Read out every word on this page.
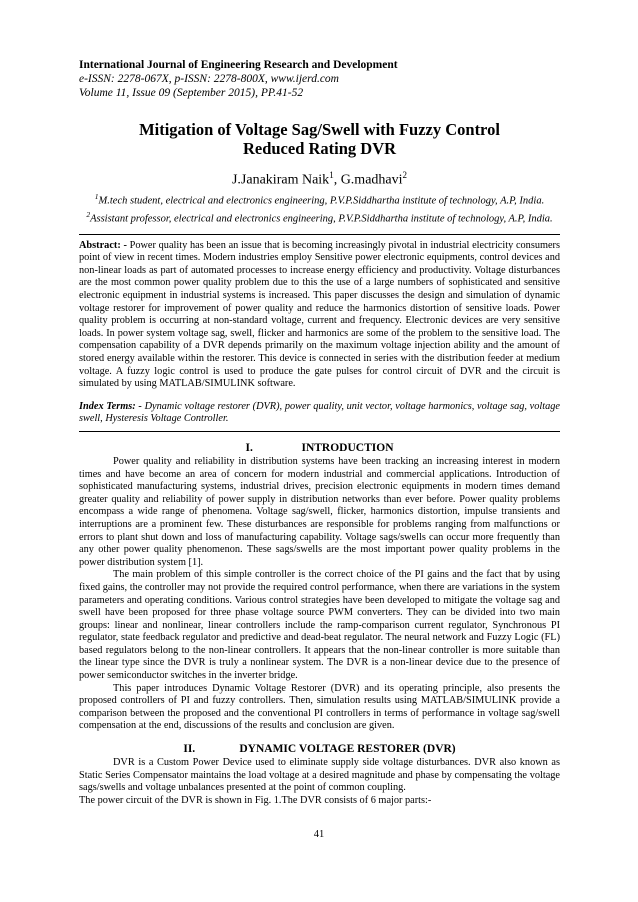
International Journal of Engineering Research and Development
e-ISSN: 2278-067X, p-ISSN: 2278-800X, www.ijerd.com
Volume 11, Issue 09 (September 2015), PP.41-52
Mitigation of Voltage Sag/Swell with Fuzzy Control
Reduced Rating DVR
J.Janakiram Naik$^1$, G.madhavi$^2$
$^1$M.tech student, electrical and electronics engineering, P.V.P.Siddhartha institute of technology, A.P, India.
$^2$Assistant professor, electrical and electronics engineering, P.V.P.Siddhartha institute of technology, A.P, India.
Abstract: - Power quality has been an issue that is becoming increasingly pivotal in industrial electricity consumers point of view in recent times. Modern industries employ Sensitive power electronic equipments, control devices and non-linear loads as part of automated processes to increase energy efficiency and productivity. Voltage disturbances are the most common power quality problem due to this the use of a large numbers of sophisticated and sensitive electronic equipment in industrial systems is increased. This paper discusses the design and simulation of dynamic voltage restorer for improvement of power quality and reduce the harmonics distortion of sensitive loads. Power quality problem is occurring at non-standard voltage, current and frequency. Electronic devices are very sensitive loads. In power system voltage sag, swell, flicker and harmonics are some of the problem to the sensitive load. The compensation capability of a DVR depends primarily on the maximum voltage injection ability and the amount of stored energy available within the restorer. This device is connected in series with the distribution feeder at medium voltage. A fuzzy logic control is used to produce the gate pulses for control circuit of DVR and the circuit is simulated by using MATLAB/SIMULINK software.
Index Terms: - Dynamic voltage restorer (DVR), power quality, unit vector, voltage harmonics, voltage sag, voltage swell, Hysteresis Voltage Controller.
I.	INTRODUCTION

Power quality and reliability in distribution systems have been tracking an increasing interest in modern times and have become an area of concern for modern industrial and commercial applications. Introduction of sophisticated manufacturing systems, industrial drives, precision electronic equipments in modern times demand greater quality and reliability of power supply in distribution networks than ever before. Power quality problems encompass a wide range of phenomena. Voltage sag/swell, flicker, harmonics distortion, impulse transients and interruptions are a prominent few. These disturbances are responsible for problems ranging from malfunctions or errors to plant shut down and loss of manufacturing capability. Voltage sags/swells can occur more frequently than any other power quality phenomenon. These sags/swells are the most important power quality problems in the power distribution system [1].

The main problem of this simple controller is the correct choice of the PI gains and the fact that by using fixed gains, the controller may not provide the required control performance, when there are variations in the system parameters and operating conditions. Various control strategies have been developed to mitigate the voltage sag and swell have been proposed for three phase voltage source PWM converters. They can be divided into two main groups: linear and nonlinear, linear controllers include the ramp-comparison current regulator, Synchronous PI regulator, state feedback regulator and predictive and dead-beat regulator. The neural network and Fuzzy Logic (FL) based regulators belong to the non-linear controllers. It appears that the non-linear controller is more suitable than the linear type since the DVR is truly a nonlinear system. The DVR is a non-linear device due to the presence of power semiconductor switches in the inverter bridge.

This paper introduces Dynamic Voltage Restorer (DVR) and its operating principle, also presents the proposed controllers of PI and fuzzy controllers. Then, simulation results using MATLAB/SIMULINK provide a comparison between the proposed and the conventional PI controllers in terms of performance in voltage sag/swell compensation at the end, discussions of the results and conclusion are given.

II.	DYNAMIC VOLTAGE RESTORER (DVR)

DVR is a Custom Power Device used to eliminate supply side voltage disturbances. DVR also known as Static Series Compensator maintains the load voltage at a desired magnitude and phase by compensating the voltage sags/swells and voltage unbalances presented at the point of common coupling.

The power circuit of the DVR is shown in Fig. 1.The DVR consists of 6 major parts:-

41
